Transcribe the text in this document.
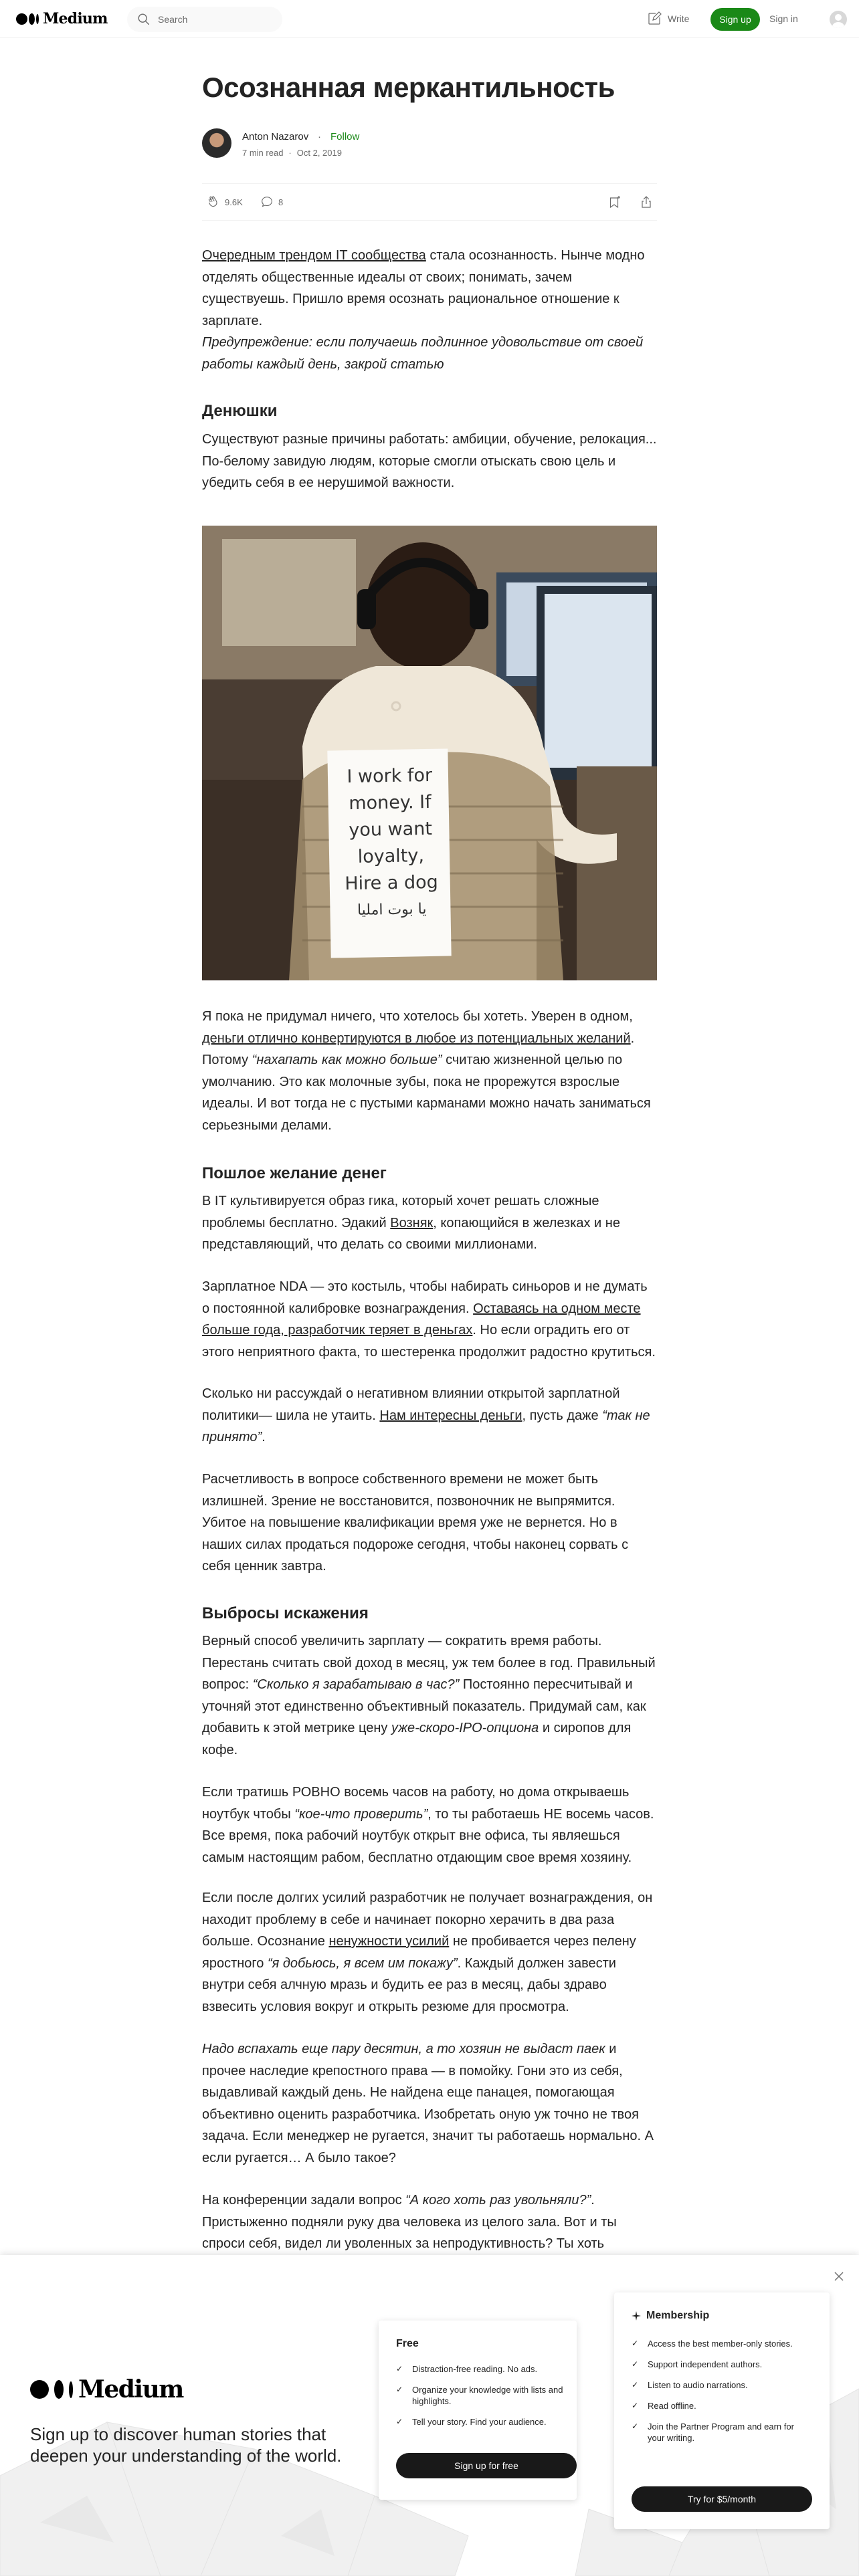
Medium
Search	Write	Sign up	Sign in
Осознанная меркантильность
Anton Nazarov · Follow
7 min read · Oct 2, 2019
9.6K	8

Очередным трендом IT сообщества стала осознанность. Нынче модно отделять общественные идеалы от своих; понимать, зачем существуешь. Пришло время осознать рациональное отношение к зарплате.

Предупреждение: если получаешь подлинное удовольствие от своей работы каждый день, закрой статью

Денюшки

Существуют разные причины работать: амбиции, обучение, релокация... По-белому завидую людям, которые смогли отыскать свою цель и убедить себя в ее нерушимой важности.

I work for
money. If
you want
loyalty,
Hire a dog
يا بوت امليا

Я пока не придумал ничего, что хотелось бы хотеть. Уверен в одном, деньги отлично конвертируются в любое из потенциальных желаний. Потому “нахапать как можно больше” считаю жизненной целью по умолчанию. Это как молочные зубы, пока не прорежутся взрослые идеалы. И вот тогда не с пустыми карманами можно начать заниматься серьезными делами.

Пошлое желание денег

В IT культивируется образ гика, который хочет решать сложные проблемы бесплатно. Эдакий Возняк, копающийся в железках и не представляющий, что делать со своими миллионами.

Зарплатное NDA — это костыль, чтобы набирать синьоров и не думать о постоянной калибровке вознаграждения. Оставаясь на одном месте больше года, разработчик теряет в деньгах. Но если оградить его от этого неприятного факта, то шестеренка продолжит радостно крутиться.

Сколько ни рассуждай о негативном влиянии открытой зарплатной политики— шила не утаить. Нам интересны деньги, пусть даже “так не принято”.

Расчетливость в вопросе собственного времени не может быть излишней. Зрение не восстановится, позвоночник не выпрямится. Убитое на повышение квалификации время уже не вернется. Но в наших силах продаться подороже сегодня, чтобы наконец сорвать с себя ценник завтра.

Выбросы искажения

Верный способ увеличить зарплату — сократить время работы. Перестань считать свой доход в месяц, уж тем более в год. Правильный вопрос: “Сколько я зарабатываю в час?” Постоянно пересчитывай и уточняй этот единственно объективный показатель. Придумай сам, как добавить к этой метрике цену уже-скоро-IPO-опциона и сиропов для кофе.

Если тратишь РОВНО восемь часов на работу, но дома открываешь ноутбук чтобы “кое-что проверить”, то ты работаешь НЕ восемь часов. Все время, пока рабочий ноутбук открыт вне офиса, ты являешься самым настоящим рабом, бесплатно отдающим свое время хозяину.

Если после долгих усилий разработчик не получает вознаграждения, он находит проблему в себе и начинает покорно херачить в два раза больше. Осознание ненужности усилий не пробивается через пелену яростного “я добьюсь, я всем им покажу”. Каждый должен завести внутри себя алчную мразь и будить ее раз в месяц, дабы здраво взвесить условия вокруг и открыть резюме для просмотра.

Надо вспахать еще пару десятин, а то хозяин не выдаст паек и прочее наследие крепостного права — в помойку. Гони это из себя, выдавливай каждый день. Не найдена еще панацея, помогающая объективно оценить разработчика. Изобретать оную уж точно не твоя задача. Если менеджер не ругается, значит ты работаешь нормально. А если ругается… А было такое?

На конференции задали вопрос “А кого хоть раз увольняли?”. Пристыженно подняли руку два человека из целого зала. Вот и ты спроси себя, видел ли уволенных за непродуктивность? Ты хоть

Medium

Sign up to discover human stories that deepen your understanding of the world.

Free
✓	Distraction-free reading. No ads.
✓	Organize your knowledge with lists and highlights.
✓	Tell your story. Find your audience.
Sign up for free
Membership
✓	Access the best member-only stories.
✓	Support independent authors.
✓	Listen to audio narrations.
✓	Read offline.
✓	Join the Partner Program and earn for your writing.
Try for $5/month
